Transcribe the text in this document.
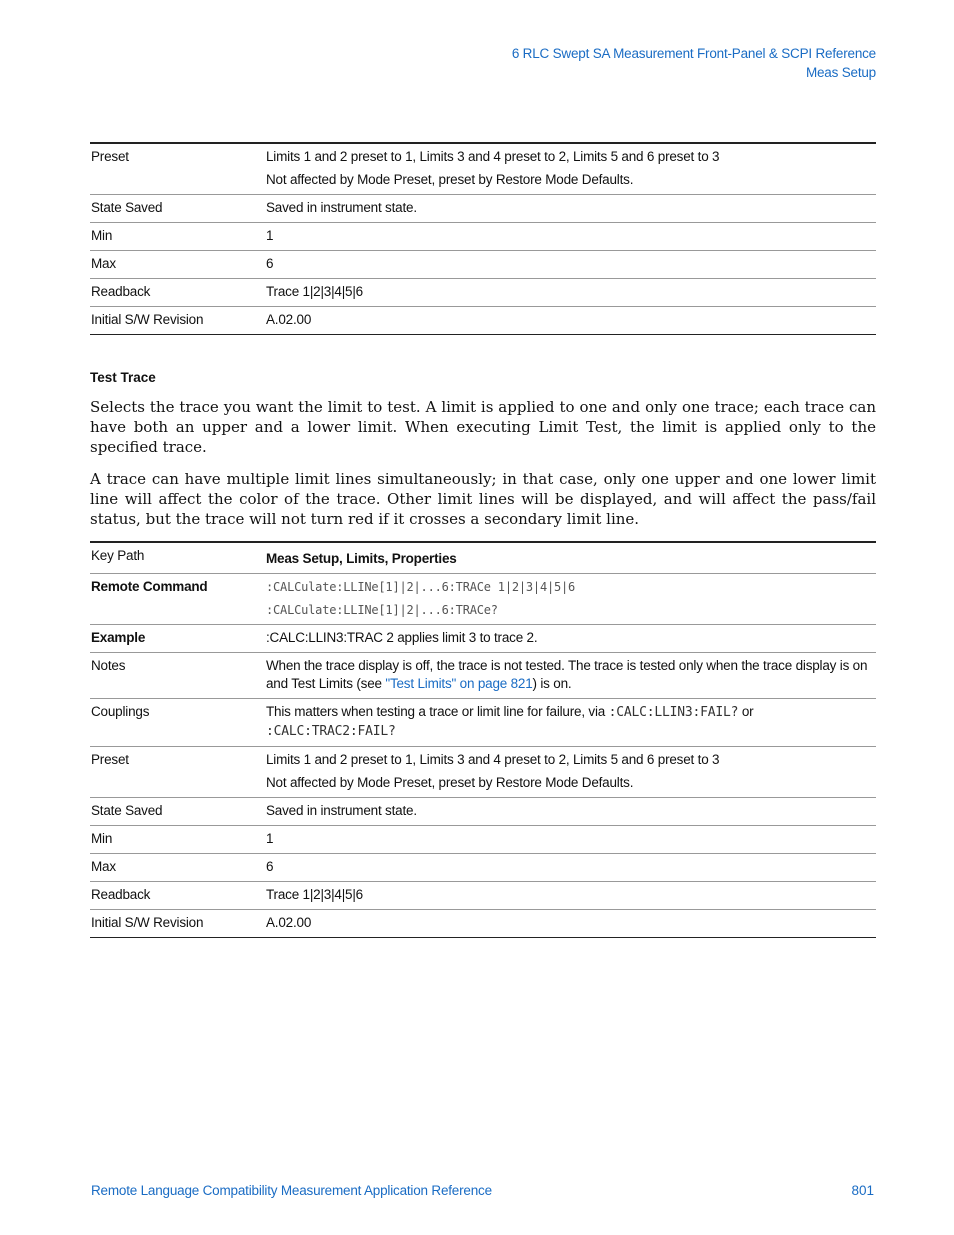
6 RLC Swept SA Measurement Front-Panel & SCPI Reference
Meas Setup
Preset	Limits 1 and 2 preset to 1, Limits 3 and 4 preset to 2, Limits 5 and 6 preset to 3
Not affected by Mode Preset, preset by Restore Mode Defaults.

State Saved	Saved in instrument state.
Min	1
Max	6
Readback	Trace 1|2|3|4|5|6
Initial S/W Revision	A.02.00
Test Trace

Selects the trace you want the limit to test. A limit is applied to one and only one trace; each trace can have both an upper and a lower limit. When executing Limit Test, the limit is applied only to the specified trace.

A trace can have multiple limit lines simultaneously; in that case, only one upper and one lower limit line will affect the color of the trace. Other limit lines will be displayed, and will affect the pass/fail status, but the trace will not turn red if it crosses a secondary limit line.

Key Path	Meas Setup, Limits, Properties
Remote Command	:CALCulate:LLINe[1]|2|...6:TRACe 1|2|3|4|5|6
:CALCulate:LLINe[1]|2|...6:TRACe?

Example	:CALC:LLIN3:TRAC 2 applies limit 3 to trace 2.
Notes	When the trace display is off, the trace is not tested. The trace is tested only when the trace display is on and Test Limits (see "Test Limits" on page 821) is on.
Couplings	This matters when testing a trace or limit line for failure, via :CALC:LLIN3:FAIL? or
:CALC:TRAC2:FAIL?
Preset	Limits 1 and 2 preset to 1, Limits 3 and 4 preset to 2, Limits 5 and 6 preset to 3
Not affected by Mode Preset, preset by Restore Mode Defaults.

State Saved	Saved in instrument state.
Min	1
Max	6
Readback	Trace 1|2|3|4|5|6
Initial S/W Revision	A.02.00
Remote Language Compatibility Measurement Application Reference	801
